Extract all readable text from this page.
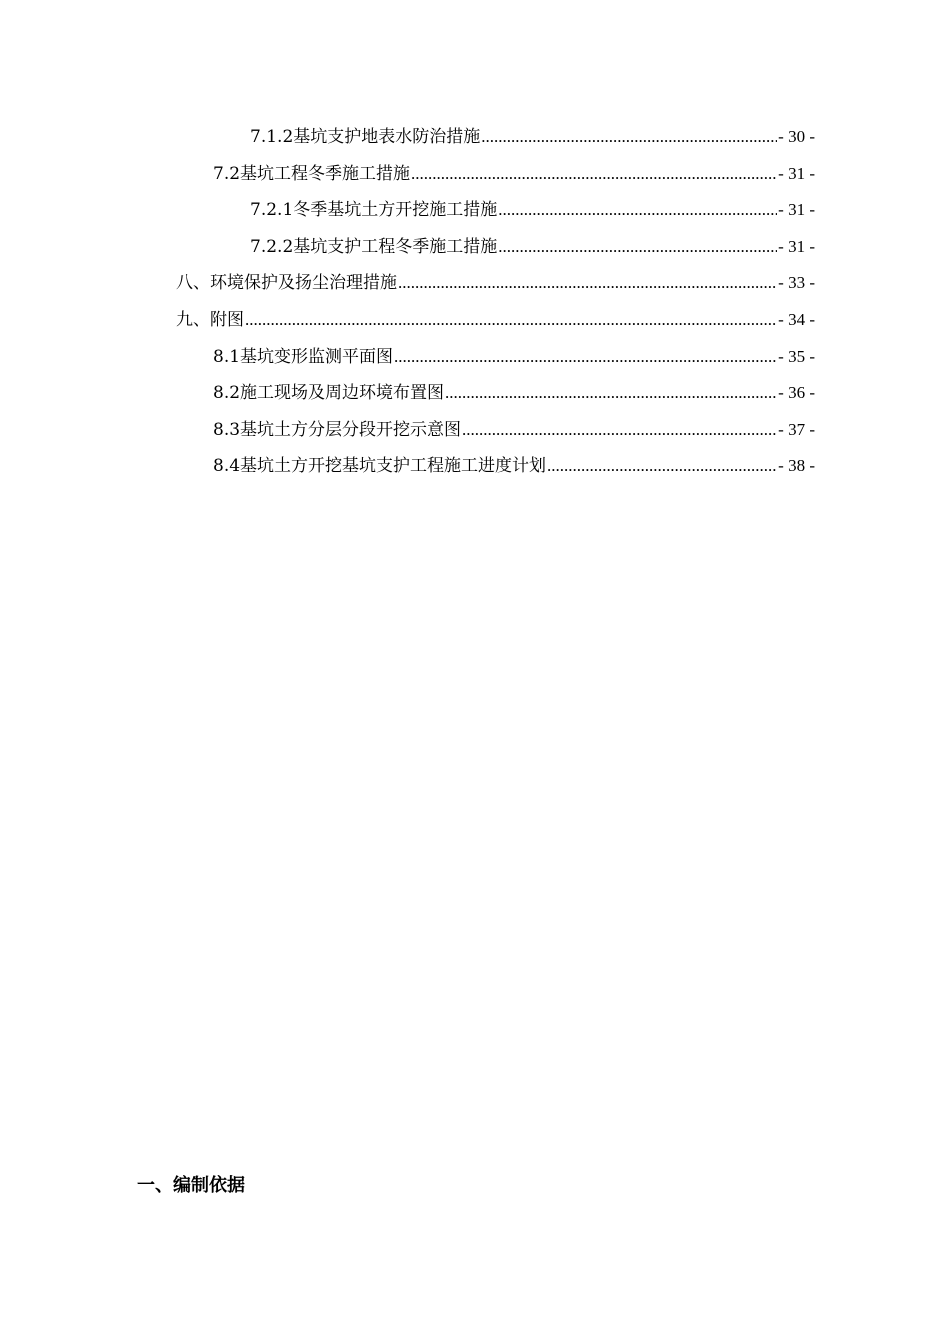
7.1.2基坑支护地表水防治措施 .....	- 30 -
7.2基坑工程冬季施工措施 .....	- 31 -
7.2.1冬季基坑土方开挖施工措施 .....	- 31 -
7.2.2基坑支护工程冬季施工措施 .....	- 31 -
八、环境保护及扬尘治理措施 .....	- 33 -
九、附图 .....	- 34 -
8.1基坑变形监测平面图 .....	- 35 -
8.2施工现场及周边环境布置图 .....	- 36 -
8.3基坑土方分层分段开挖示意图 .....	- 37 -
8.4基坑土方开挖基坑支护工程施工进度计划 .....	- 38 -
一、编制依据
